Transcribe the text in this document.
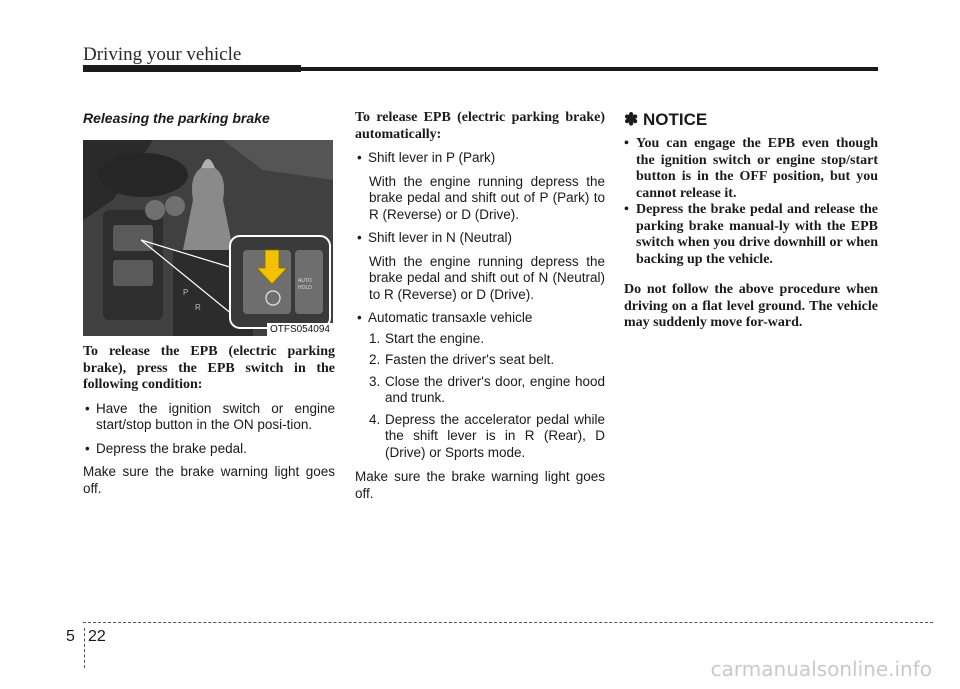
Driving your vehicle
Releasing the parking brake
P
R
AUTO
HOLD
OTFS054094

To release the EPB (electric parking brake), press the EPB switch in the following condition:

• Have the ignition switch or engine start/stop button in the ON posi-tion.
• Depress the brake pedal.

Make sure the brake warning light goes off.

To release EPB (electric parking brake) automatically:

• Shift lever in P (Park)
With the engine running depress the brake pedal and shift out of P (Park) to R (Reverse) or D (Drive).
• Shift lever in N (Neutral)
With the engine running depress the brake pedal and shift out of N (Neutral) to R (Reverse) or D (Drive).
• Automatic transaxle vehicle
1. Start the engine.
2. Fasten the driver's seat belt.
3. Close the driver's door, engine hood and trunk.
4. Depress the accelerator pedal while the shift lever is in R (Rear), D (Drive) or Sports mode.

Make sure the brake warning light goes off.

✽ NOTICE
• You can engage the EPB even though the ignition switch or engine stop/start button is in the OFF position, but you cannot release it.
• Depress the brake pedal and release the parking brake manual-ly with the EPB switch when you drive downhill or when backing up the vehicle.

Do not follow the above procedure when driving on a flat level ground. The vehicle may suddenly move for-ward.

5 22
carmanualsonline.info
